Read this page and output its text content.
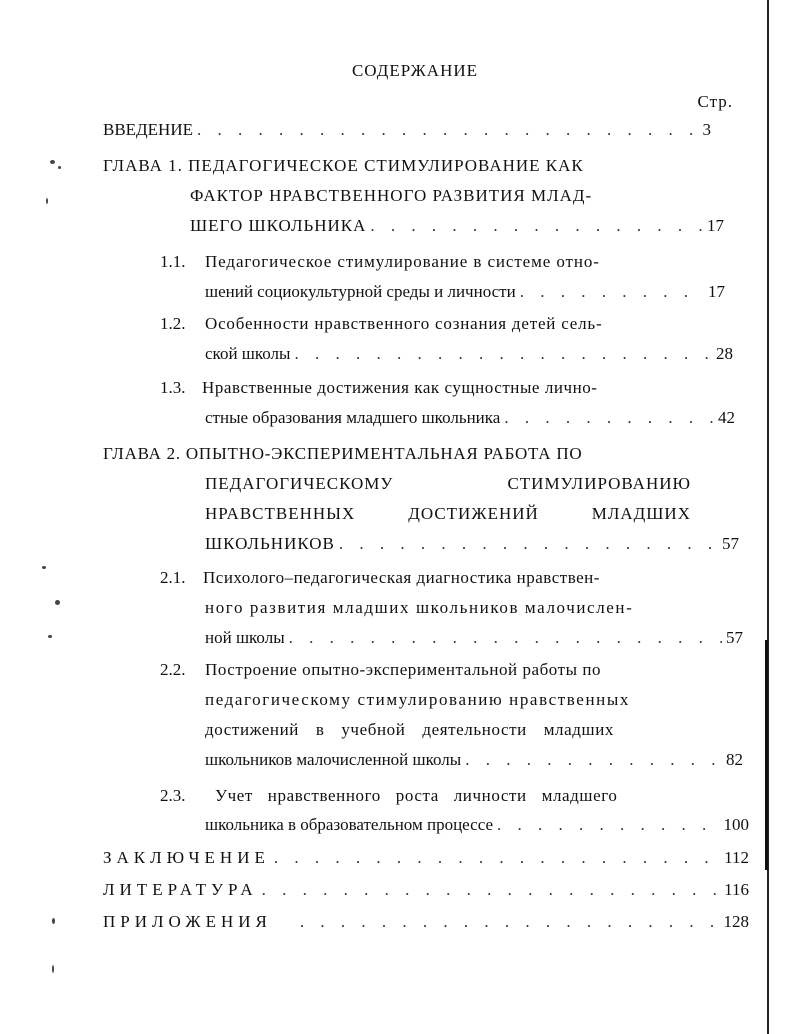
СОДЕРЖАНИЕ
Стр.
ВВЕДЕНИЕ . . .	3
ГЛАВА 1. ПЕДАГОГИЧЕСКОЕ СТИМУЛИРОВАНИЕ КАК
ФАКТОР НРАВСТВЕННОГО РАЗВИТИЯ МЛАД-
ШЕГО ШКОЛЬНИКА . . .	17
1.1. Педагогическое стимулирование в системе отно-
шений социокультурной среды и личности . . .	17
1.2. Особенности нравственного сознания детей сель-
ской школы . . .	28
1.3. Нравственные достижения как сущностные лично-
стные образования младшего школьника . . .	42
ГЛАВА 2. ОПЫТНО-ЭКСПЕРИМЕНТАЛЬНАЯ РАБОТА ПО
ПЕДАГОГИЧЕСКОМУ	СТИМУЛИРОВАНИЮ
НРАВСТВЕННЫХ	ДОСТИЖЕНИЙ	МЛАДШИХ
ШКОЛЬНИКОВ . . .	57
2.1. Психолого–педагогическая диагностика нравствен-
ного развития младших школьников малочислен-
ной школы . . .	57
2.2. Построение опытно-экспериментальной работы по
педагогическому стимулированию нравственных
достижений в учебной деятельности младших
школьников малочисленной школы . . .	82
2.3. Учет нравственного роста личности младшего
школьника в образовательном процессе . . .	100
ЗАКЛЮЧЕНИЕ . . .	112
ЛИТЕРАТУРА . . .	116
ПРИЛОЖЕНИЯ . . .	128
